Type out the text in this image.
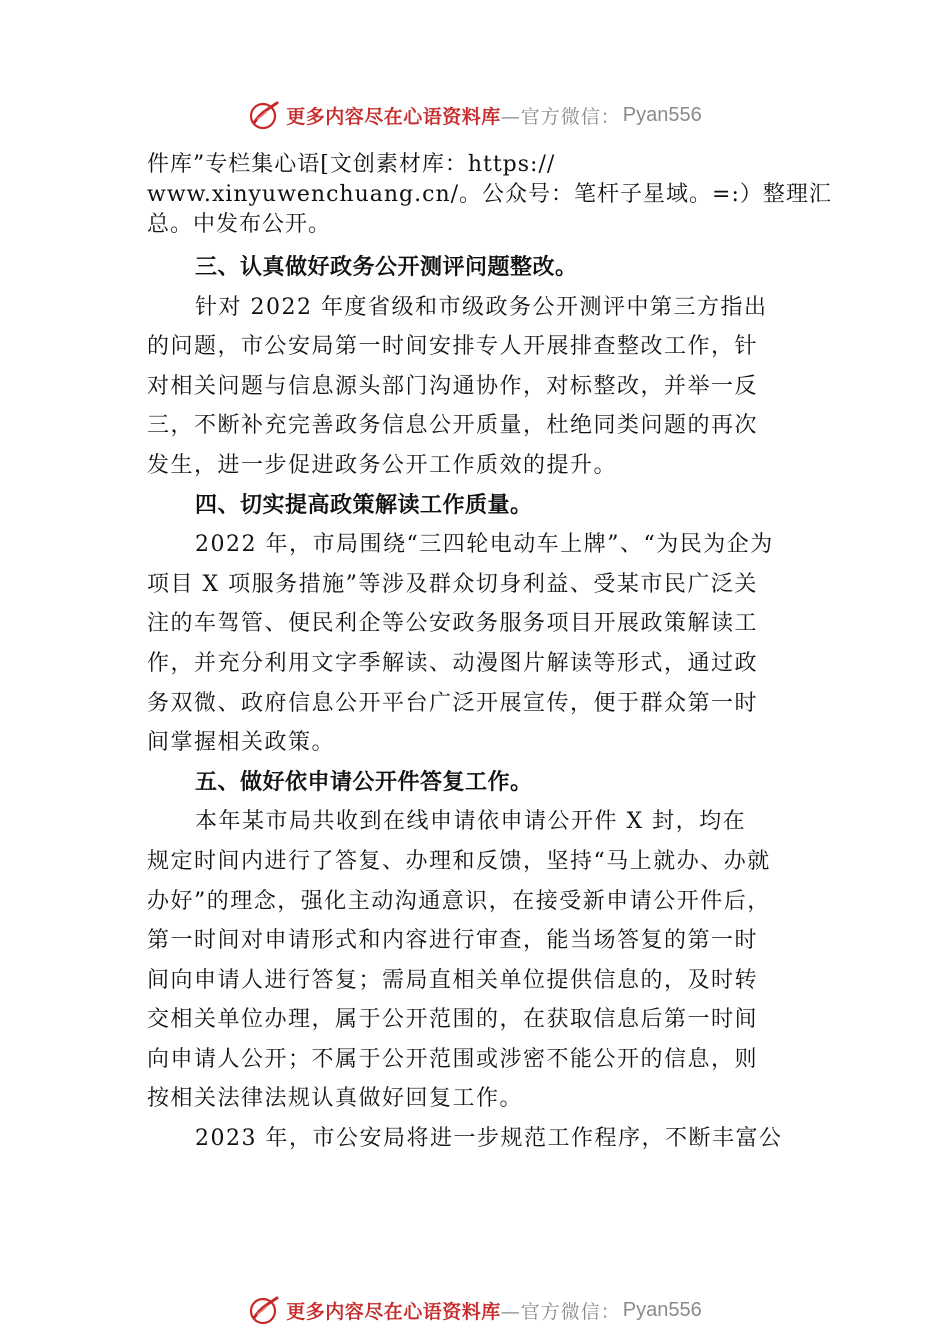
更多内容尽在心语资料库 —官方微信： Pyan556
件库”专栏集心语[文创素材库：https://
www.xinyuwenchuang.cn/。公众号：笔杆子星域。=:）整理汇
总。中发布公开。
三、认真做好政务公开测评问题整改。
针对 2022 年度省级和市级政务公开测评中第三方指出
的问题，市公安局第一时间安排专人开展排查整改工作，针
对相关问题与信息源头部门沟通协作，对标整改，并举一反
三，不断补充完善政务信息公开质量，杜绝同类问题的再次
发生，进一步促进政务公开工作质效的提升。
四、切实提高政策解读工作质量。
2022 年，市局围绕“三四轮电动车上牌”、“为民为企为
项目 X 项服务措施”等涉及群众切身利益、受某市民广泛关
注的车驾管、便民利企等公安政务服务项目开展政策解读工
作，并充分利用文字季解读、动漫图片解读等形式，通过政
务双微、政府信息公开平台广泛开展宣传，便于群众第一时
间掌握相关政策。
五、做好依申请公开件答复工作。
本年某市局共收到在线申请依申请公开件 X 封，均在
规定时间内进行了答复、办理和反馈，坚持“马上就办、办就
办好”的理念，强化主动沟通意识，在接受新申请公开件后，
第一时间对申请形式和内容进行审查，能当场答复的第一时
间向申请人进行答复；需局直相关单位提供信息的，及时转
交相关单位办理，属于公开范围的，在获取信息后第一时间
向申请人公开；不属于公开范围或涉密不能公开的信息，则
按相关法律法规认真做好回复工作。
2023 年，市公安局将进一步规范工作程序，不断丰富公
更多内容尽在心语资料库 —官方微信： Pyan556
